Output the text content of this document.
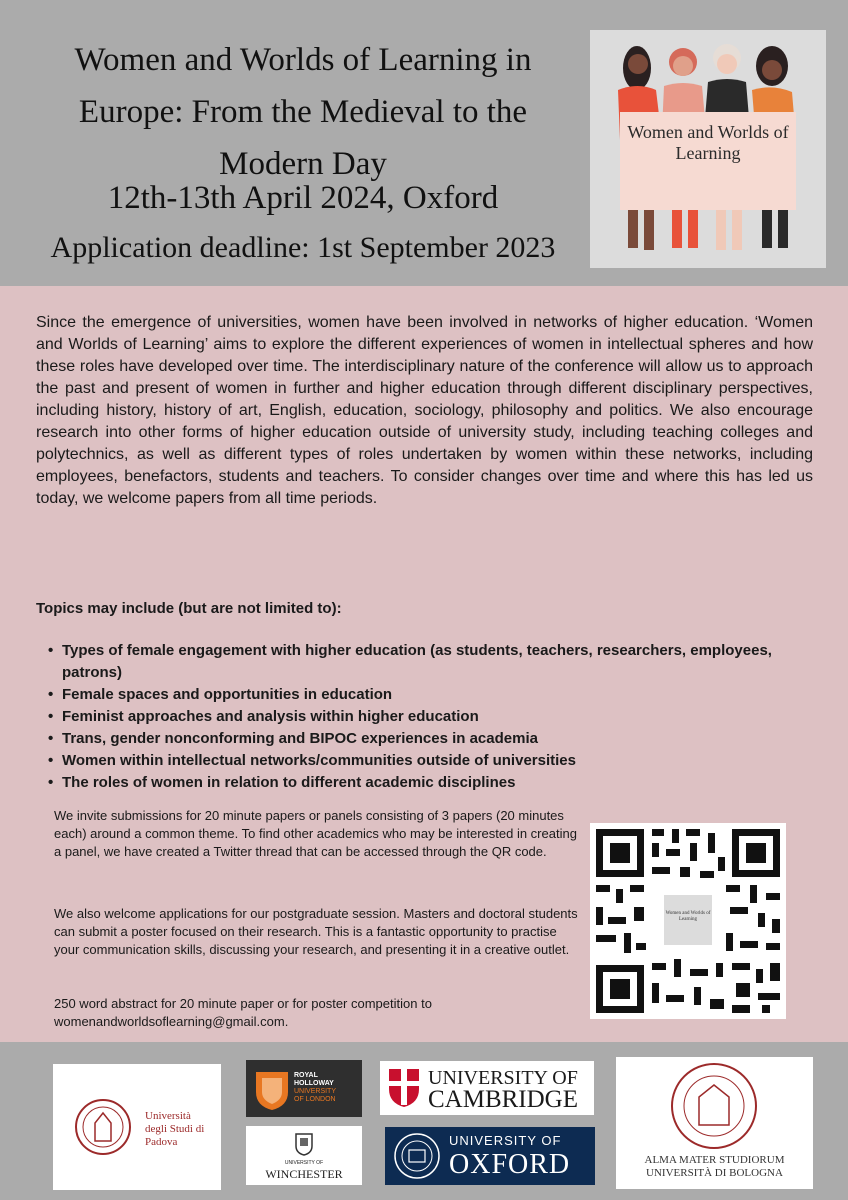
Women and Worlds of Learning in Europe: From the Medieval to the Modern Day
12th-13th April 2024, Oxford
Application deadline: 1st September 2023
Women and Worlds of Learning

Since the emergence of universities, women have been involved in networks of higher education. ‘Women and Worlds of Learning’ aims to explore the different experiences of women in intellectual spheres and how these roles have developed over time. The interdisciplinary nature of the conference will allow us to approach the past and present of women in further and higher education through different disciplinary perspectives, including history, history of art, English, education, sociology, philosophy and politics. We also encourage research into other forms of higher education outside of university study, including teaching colleges and polytechnics, as well as different types of roles undertaken by women within these networks, including employees, benefactors, students and teachers. To consider changes over time and where this has led us today, we welcome papers from all time periods.

Topics may include (but are not limited to):
• Types of female engagement with higher education (as students, teachers, researchers, employees, patrons)
• Female spaces and opportunities in education
• Feminist approaches and analysis within higher education
• Trans, gender nonconforming and BIPOC experiences in academia
• Women within intellectual networks/communities outside of universities
• The roles of women in relation to different academic disciplines

We invite submissions for 20 minute papers or panels consisting of 3 papers (20 minutes each) around a common theme. To find other academics who may be interested in creating a panel, we have created a Twitter thread that can be accessed through the QR code.

We also welcome applications for our postgraduate session. Masters and doctoral students can submit a poster focused on their research. This is a fantastic opportunity to practise your communication skills, discussing your research, and presenting it in a creative outlet.

250 word abstract for 20 minute paper or for poster competition to womenandworldsoflearning@gmail.com.

Women and Worlds of Learning
Università degli Studi di Padova
ROYAL
HOLLOWAY
UNIVERSITY
OF LONDON
UNIVERSITY OF
WINCHESTER
UNIVERSITY OF
CAMBRIDGE
UNIVERSITY OF
OXFORD	ALMA MATER STUDIORUM
UNIVERSITÀ DI BOLOGNA
